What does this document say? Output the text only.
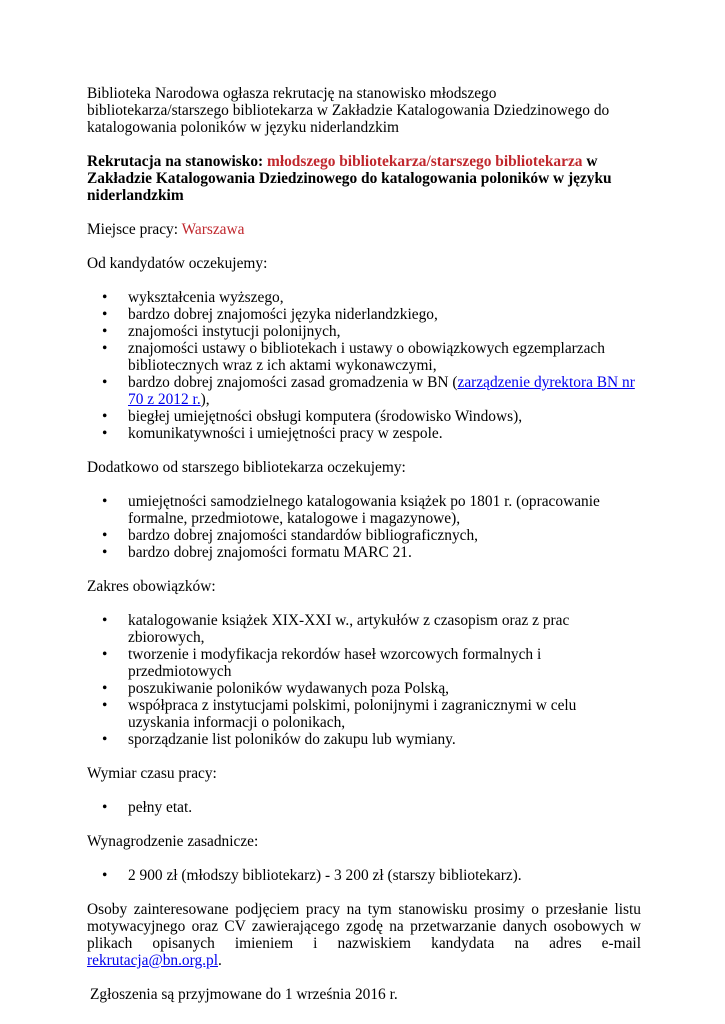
Biblioteka Narodowa ogłasza rekrutację na stanowisko młodszego bibliotekarza/starszego bibliotekarza w Zakładzie Katalogowania Dziedzinowego do katalogowania poloników w języku niderlandzkim

Rekrutacja na stanowisko: młodszego bibliotekarza/starszego bibliotekarza w Zakładzie Katalogowania Dziedzinowego do katalogowania poloników w języku niderlandzkim

Miejsce pracy: Warszawa

Od kandydatów oczekujemy:

• wykształcenia wyższego,
• bardzo dobrej znajomości języka niderlandzkiego,
• znajomości instytucji polonijnych,
• znajomości ustawy o bibliotekach i ustawy o obowiązkowych egzemplarzach bibliotecznych wraz z ich aktami wykonawczymi,
• bardzo dobrej znajomości zasad gromadzenia w BN (zarządzenie dyrektora BN nr 70 z 2012 r.),
• biegłej umiejętności obsługi komputera (środowisko Windows),
• komunikatywności i umiejętności pracy w zespole.

Dodatkowo od starszego bibliotekarza oczekujemy:

• umiejętności samodzielnego katalogowania książek po 1801 r. (opracowanie formalne, przedmiotowe, katalogowe i magazynowe),
• bardzo dobrej znajomości standardów bibliograficznych,
• bardzo dobrej znajomości formatu MARC 21.

Zakres obowiązków:

• katalogowanie książek XIX-XXI w., artykułów z czasopism oraz z prac zbiorowych,
• tworzenie i modyfikacja rekordów haseł wzorcowych formalnych i przedmiotowych
• poszukiwanie poloników wydawanych poza Polską,
• współpraca z instytucjami polskimi, polonijnymi i zagranicznymi w celu uzyskania informacji o polonikach,
• sporządzanie list poloników do zakupu lub wymiany.

Wymiar czasu pracy:

• pełny etat.

Wynagrodzenie zasadnicze:

• 2 900 zł (młodszy bibliotekarz) - 3 200 zł (starszy bibliotekarz).

Osoby zainteresowane podjęciem pracy na tym stanowisku prosimy o przesłanie listu motywacyjnego oraz CV zawierającego zgodę na przetwarzanie danych osobowych w plikach opisanych imieniem i nazwiskiem kandydata na adres e-mail rekrutacja@bn.org.pl.

Zgłoszenia są przyjmowane do 1 września 2016 r.
